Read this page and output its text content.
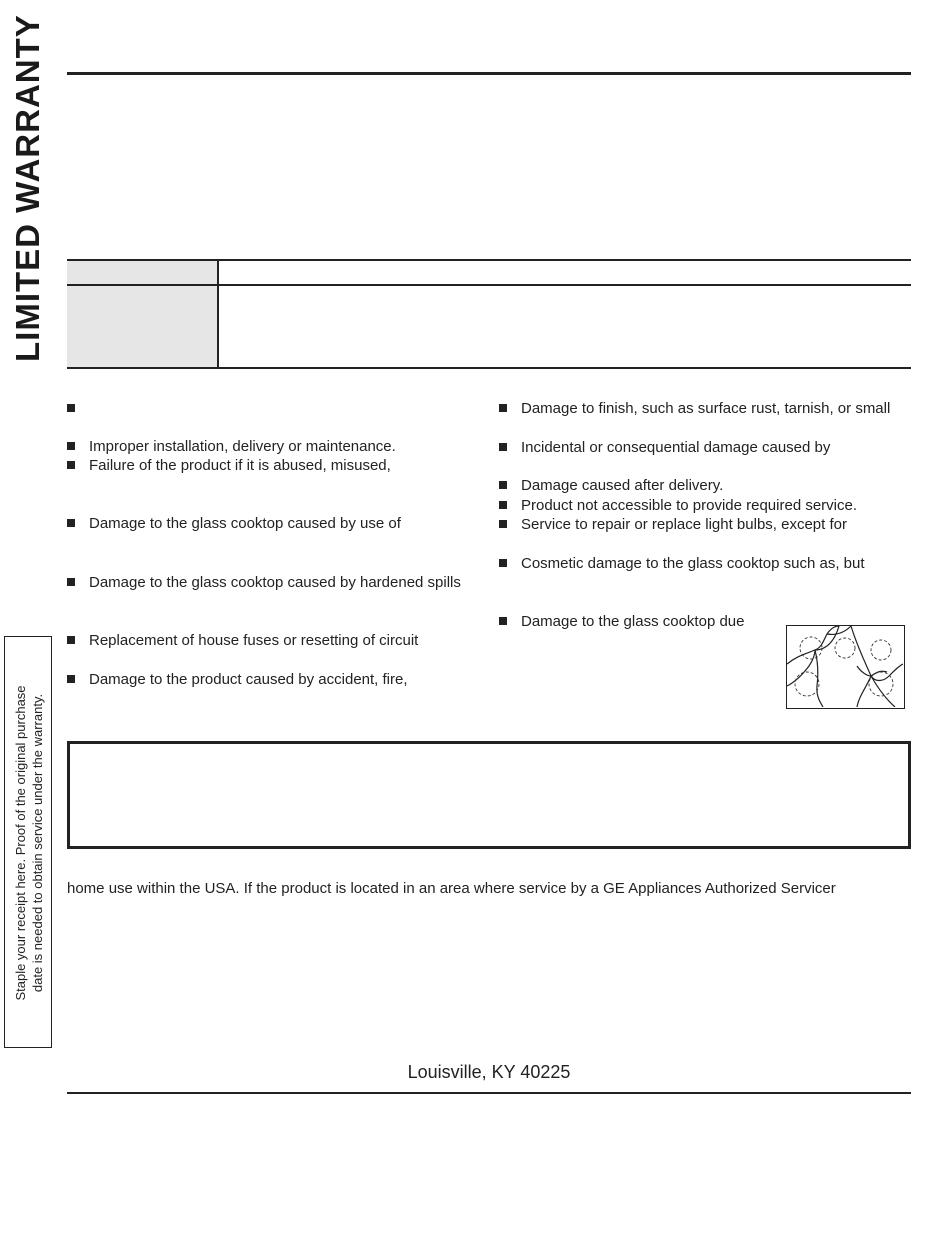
LIMITED WARRANTY
Improper installation, delivery or maintenance.
Failure of the product if it is abused, misused,
Damage to the glass cooktop caused by use of
Damage to the glass cooktop caused by hardened spills
Replacement of house fuses or resetting of circuit
Damage to the product caused by accident, fire,
Damage to finish, such as surface rust, tarnish, or small
Incidental or consequential damage caused by
Damage caused after delivery.
Product not accessible to provide required service.
Service to repair or replace light bulbs, except for
Cosmetic damage to the glass cooktop such as, but
Damage to the glass cooktop due
Staple your receipt here. Proof of the original purchase date is needed to obtain service under the warranty. home use within the USA. If the product is located in an area where service by a GE Appliances Authorized Servicer
Louisville, KY 40225
